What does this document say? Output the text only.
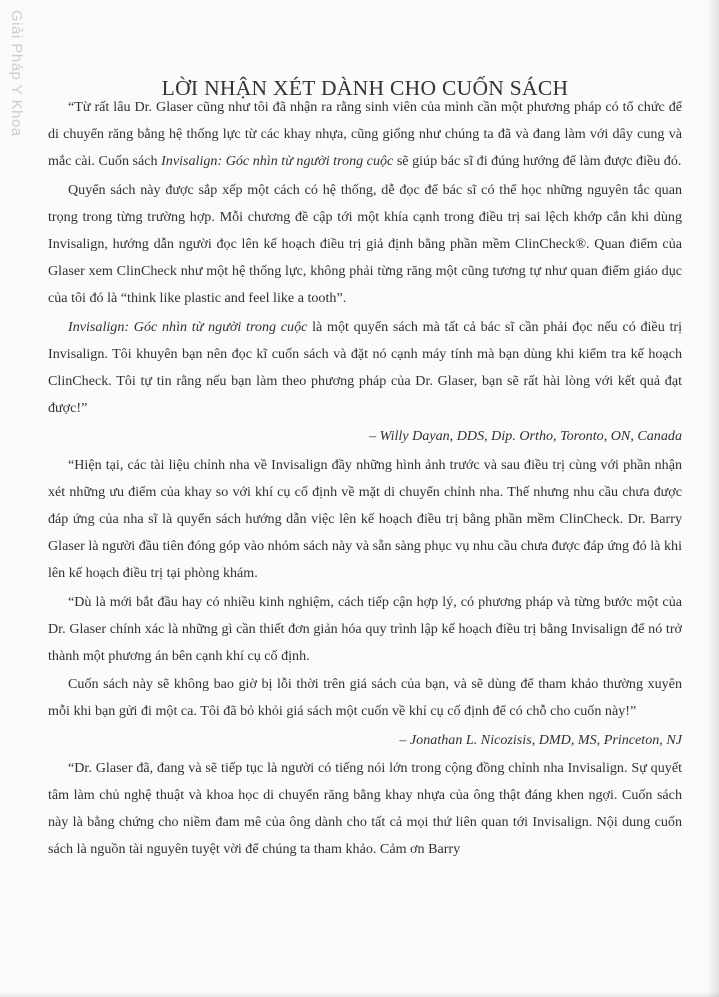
Giải Pháp Y Khoa	LỜI NHẬN XÉT DÀNH CHO CUỐN SÁCH

“Từ rất lâu Dr. Glaser cũng như tôi đã nhận ra rằng sinh viên của mình cần một phương pháp có tổ chức để di chuyển răng bằng hệ thống lực từ các khay nhựa, cũng giống như chúng ta đã và đang làm với dây cung và mắc cài. Cuốn sách Invisalign: Góc nhìn từ người trong cuộc sẽ giúp bác sĩ đi đúng hướng để làm được điều đó.

Quyển sách này được sắp xếp một cách có hệ thống, dễ đọc để bác sĩ có thể học những nguyên tắc quan trọng trong từng trường hợp. Mỗi chương đề cập tới một khía cạnh trong điều trị sai lệch khớp cắn khi dùng Invisalign, hướng dẫn người đọc lên kế hoạch điều trị giả định bằng phần mềm ClinCheck®. Quan điểm của Glaser xem ClinCheck như một hệ thống lực, không phải từng răng một cũng tương tự như quan điểm giáo dục của tôi đó là “think like plastic and feel like a tooth”.

Invisalign: Góc nhìn từ người trong cuộc là một quyển sách mà tất cả bác sĩ cần phải đọc nếu có điều trị Invisalign. Tôi khuyên bạn nên đọc kĩ cuốn sách và đặt nó cạnh máy tính mà bạn dùng khi kiểm tra kế hoạch ClinCheck. Tôi tự tin rằng nếu bạn làm theo phương pháp của Dr. Glaser, bạn sẽ rất hài lòng với kết quả đạt được!”

– Willy Dayan, DDS, Dip. Ortho, Toronto, ON, Canada

“Hiện tại, các tài liệu chỉnh nha về Invisalign đầy những hình ảnh trước và sau điều trị cùng với phần nhận xét những ưu điểm của khay so với khí cụ cố định về mặt di chuyển chỉnh nha. Thế nhưng nhu cầu chưa được đáp ứng của nha sĩ là quyển sách hướng dẫn việc lên kế hoạch điều trị bằng phần mềm ClinCheck. Dr. Barry Glaser là người đầu tiên đóng góp vào nhóm sách này và sẵn sàng phục vụ nhu cầu chưa được đáp ứng đó là khi lên kế hoạch điều trị tại phòng khám.

“Dù là mới bắt đầu hay có nhiều kinh nghiệm, cách tiếp cận hợp lý, có phương pháp và từng bước một của Dr. Glaser chính xác là những gì cần thiết đơn giản hóa quy trình lập kế hoạch điều trị bằng Invisalign để nó trở thành một phương án bên cạnh khí cụ cố định.

Cuốn sách này sẽ không bao giờ bị lỗi thời trên giá sách của bạn, và sẽ dùng để tham khảo thường xuyên mỗi khi bạn gửi đi một ca. Tôi đã bỏ khỏi giá sách một cuốn về khí cụ cố định để có chỗ cho cuốn này!”

– Jonathan L. Nicozisis, DMD, MS, Princeton, NJ

“Dr. Glaser đã, đang và sẽ tiếp tục là người có tiếng nói lớn trong cộng đồng chỉnh nha Invisalign. Sự quyết tâm làm chủ nghệ thuật và khoa học di chuyển răng bằng khay nhựa của ông thật đáng khen ngợi. Cuốn sách này là bằng chứng cho niềm đam mê của ông dành cho tất cả mọi thứ liên quan tới Invisalign. Nội dung cuốn sách là nguồn tài nguyên tuyệt vời để chúng ta tham khảo. Cảm ơn Barry
